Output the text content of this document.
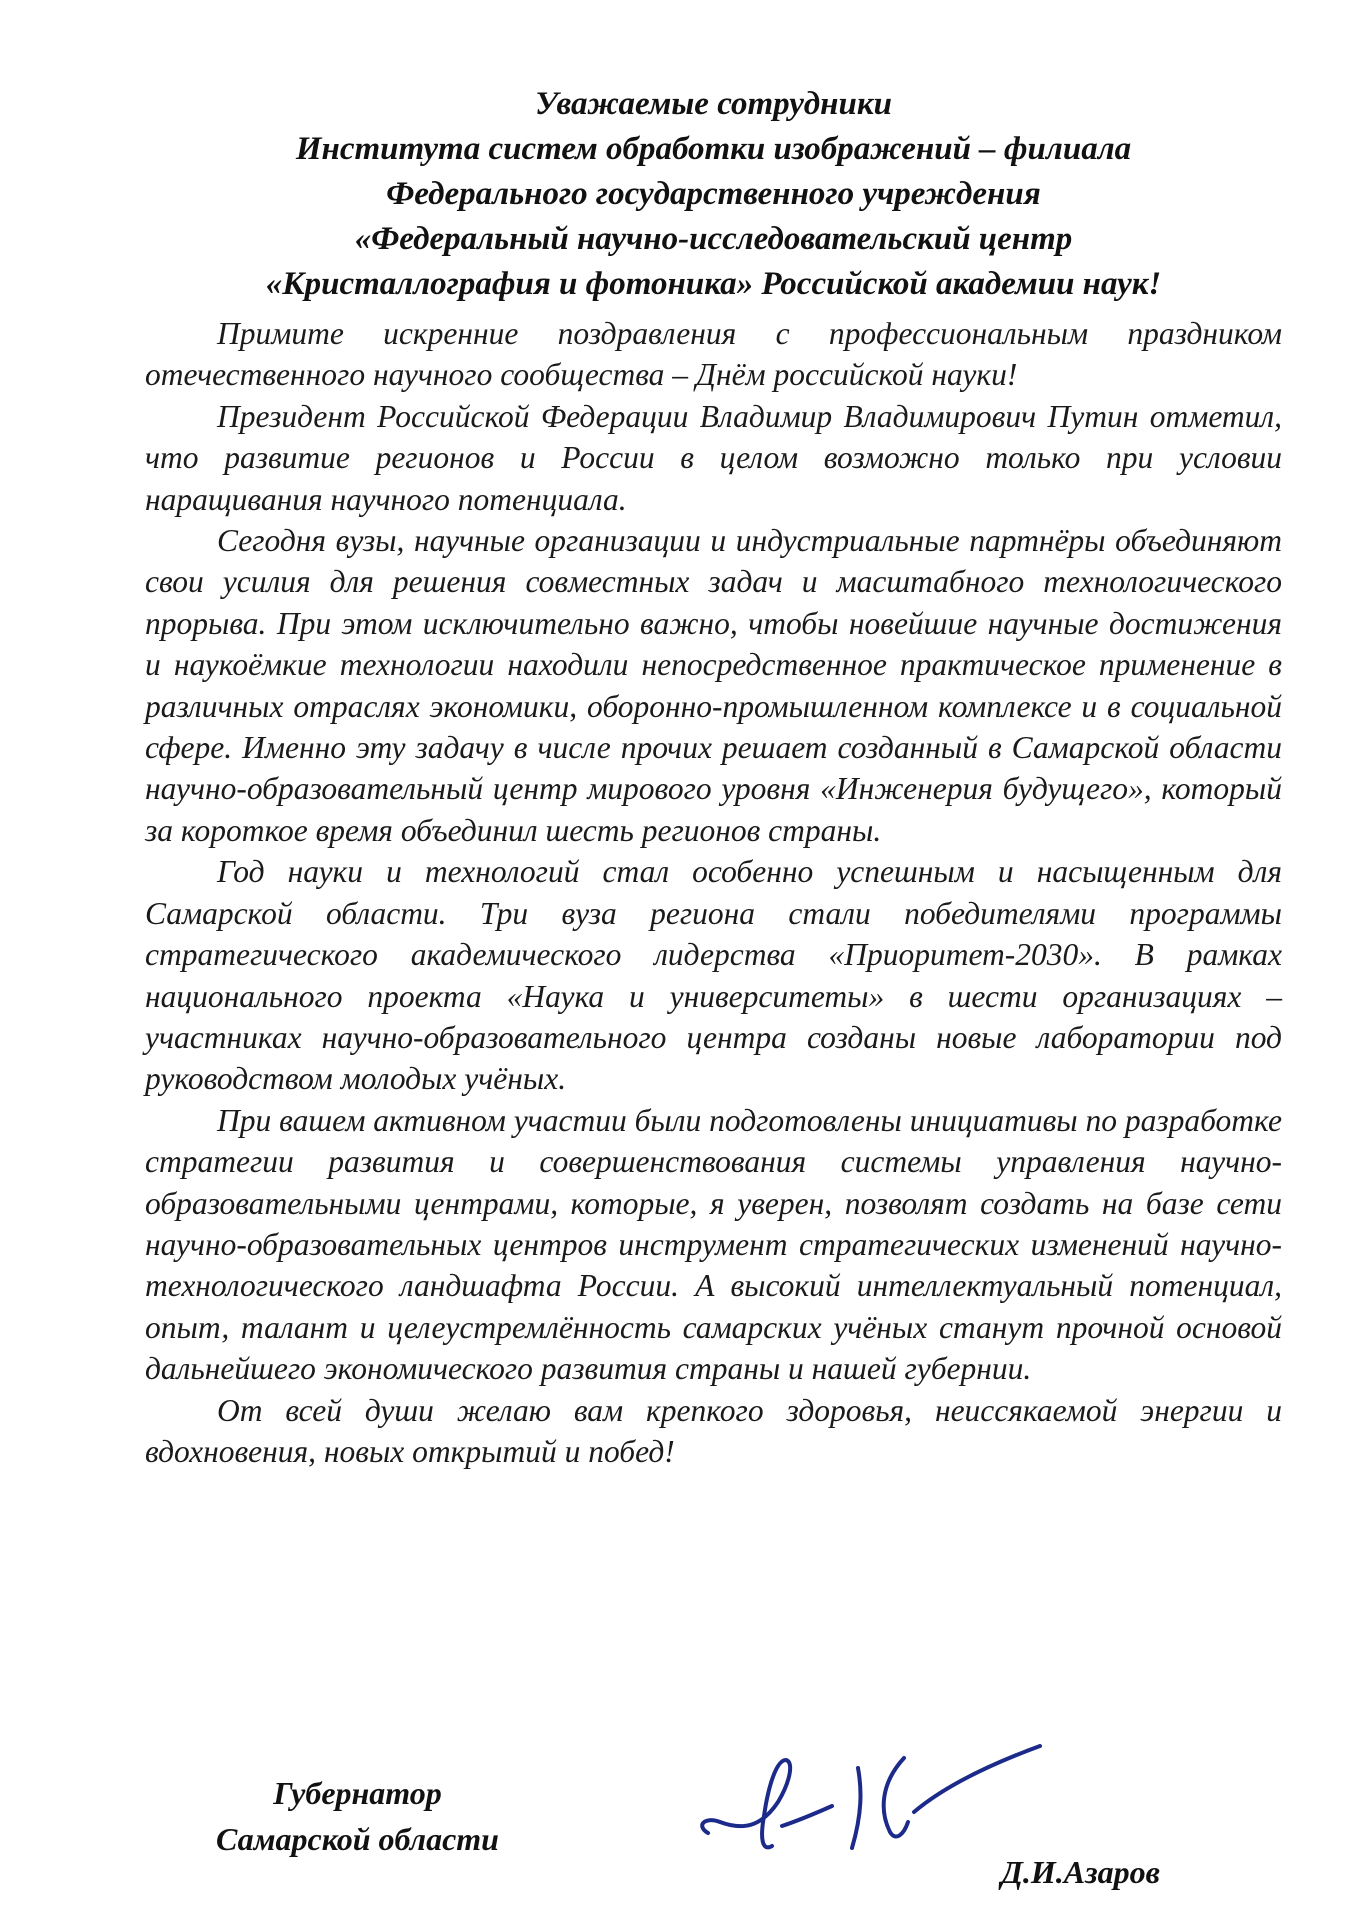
Уважаемые сотрудники
Института систем обработки изображений – филиала
Федерального государственного учреждения
«Федеральный научно-исследовательский центр
«Кристаллография и фотоника» Российской академии наук!

Примите искренние поздравления с профессиональным праздником отечественного научного сообщества – Днём российской науки!

Президент Российской Федерации Владимир Владимирович Путин отметил, что развитие регионов и России в целом возможно только при условии наращивания научного потенциала.

Сегодня вузы, научные организации и индустриальные партнёры объединяют свои усилия для решения совместных задач и масштабного технологического прорыва. При этом исключительно важно, чтобы новейшие научные достижения и наукоёмкие технологии находили непосредственное практическое применение в различных отраслях экономики, оборонно-промышленном комплексе и в социальной сфере. Именно эту задачу в числе прочих решает созданный в Самарской области научно-образовательный центр мирового уровня «Инженерия будущего», который за короткое время объединил шесть регионов страны.

Год науки и технологий стал особенно успешным и насыщенным для Самарской области. Три вуза региона стали победителями программы стратегического академического лидерства «Приоритет-2030». В рамках национального проекта «Наука и университеты» в шести организациях – участниках научно-образовательного центра созданы новые лаборатории под руководством молодых учёных.

При вашем активном участии были подготовлены инициативы по разработке стратегии развития и совершенствования системы управления научно-образовательными центрами, которые, я уверен, позволят создать на базе сети научно-образовательных центров инструмент стратегических изменений научно-технологического ландшафта России. А высокий интеллектуальный потенциал, опыт, талант и целеустремлённость самарских учёных станут прочной основой дальнейшего экономического развития страны и нашей губернии.

От всей души желаю вам крепкого здоровья, неиссякаемой энергии и вдохновения, новых открытий и побед!

Губернатор
Самарской области
Д.И.Азаров
